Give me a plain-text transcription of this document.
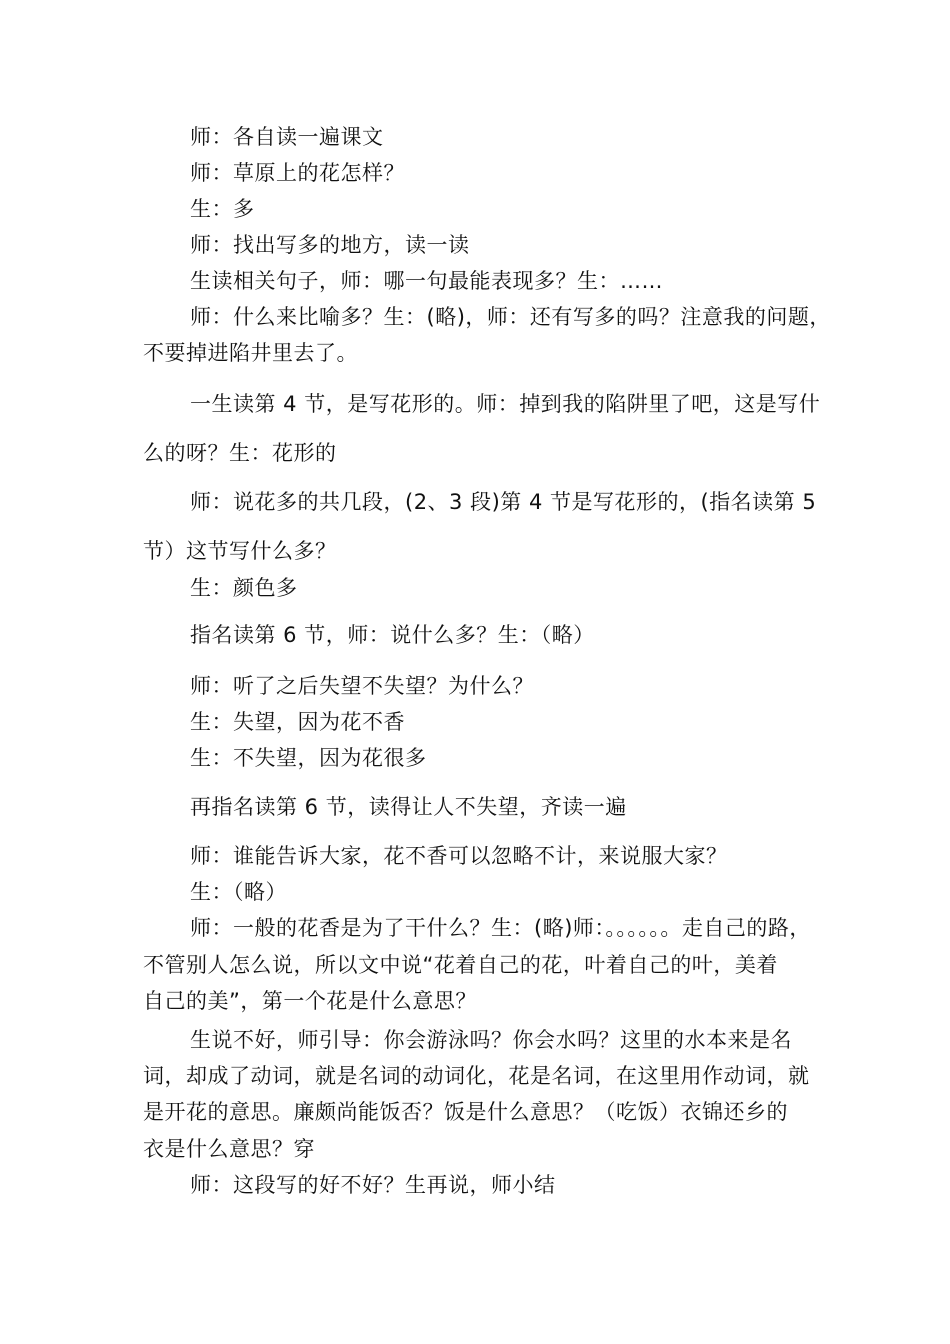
师：各自读一遍课文
师：草原上的花怎样？
生：多
师：找出写多的地方，读一读
生读相关句子，师：哪一句最能表现多？生：……
师：什么来比喻多？生：(略)，师：还有写多的吗？注意我的问题，
不要掉进陷井里去了。
一生读第 4 节，是写花形的。师：掉到我的陷阱里了吧，这是写什
么的呀？生：花形的
师：说花多的共几段，(2、3 段)第 4 节是写花形的，(指名读第 5
节）这节写什么多？
生：颜色多
指名读第 6 节，师：说什么多？生：（略）
师：听了之后失望不失望？为什么？
生：失望，因为花不香
生：不失望，因为花很多
再指名读第 6 节，读得让人不失望，齐读一遍
师：谁能告诉大家，花不香可以忽略不计，来说服大家？
生：（略）
师：一般的花香是为了干什么？生：(略)师：。。。。。。走自己的路，
不管别人怎么说，所以文中说“花着自己的花，叶着自己的叶，美着
自己的美”，第一个花是什么意思？
生说不好，师引导：你会游泳吗？你会水吗？这里的水本来是名
词，却成了动词，就是名词的动词化，花是名词，在这里用作动词，就
是开花的意思。廉颇尚能饭否？饭是什么意思？（吃饭）衣锦还乡的
衣是什么意思？穿
师：这段写的好不好？生再说，师小结
